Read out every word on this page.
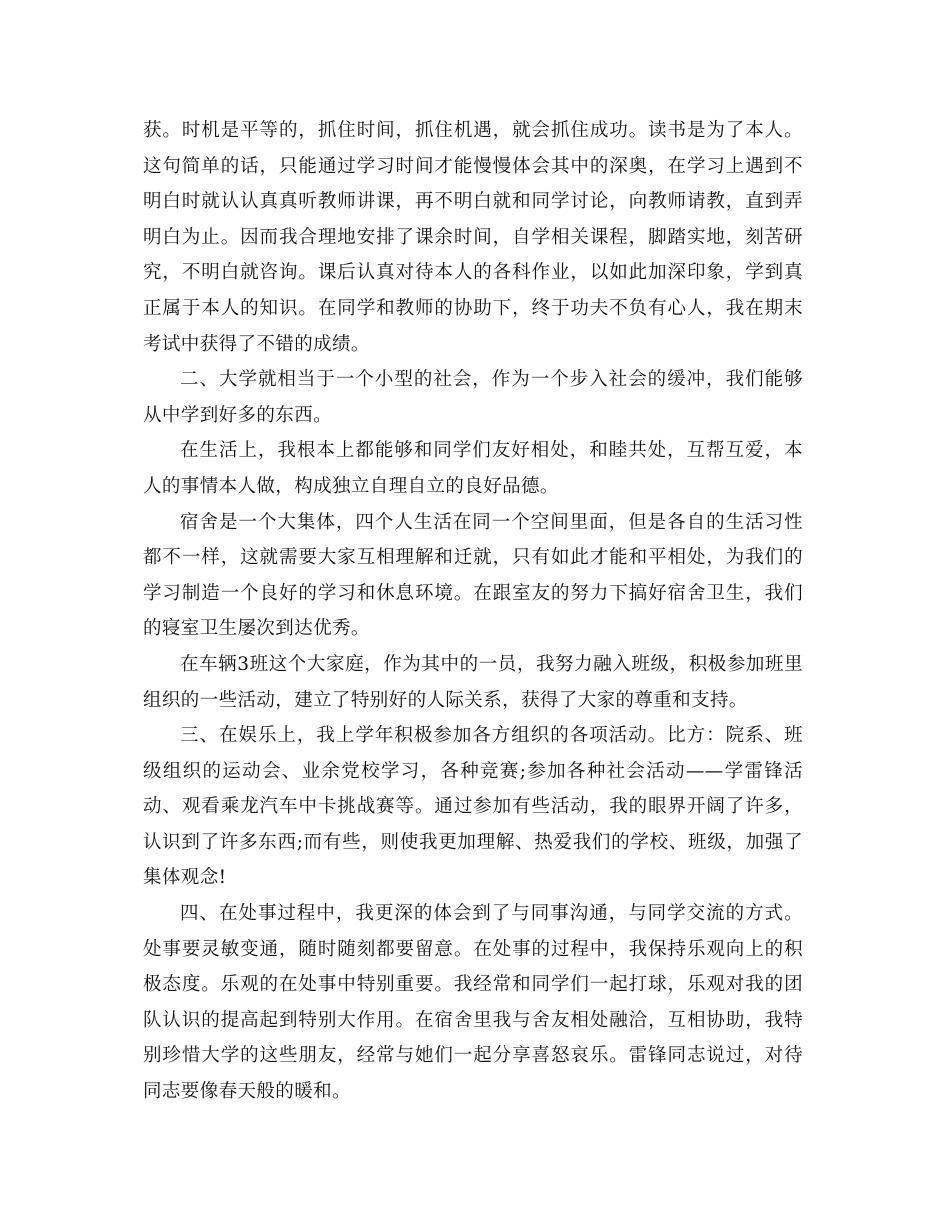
获。时机是平等的，抓住时间，抓住机遇，就会抓住成功。读书是为了本人。这句简单的话，只能通过学习时间才能慢慢体会其中的深奥，在学习上遇到不明白时就认认真真听教师讲课，再不明白就和同学讨论，向教师请教，直到弄明白为止。因而我合理地安排了课余时间，自学相关课程，脚踏实地，刻苦研究，不明白就咨询。课后认真对待本人的各科作业，以如此加深印象，学到真正属于本人的知识。在同学和教师的协助下，终于功夫不负有心人，我在期末考试中获得了不错的成绩。

二、大学就相当于一个小型的社会，作为一个步入社会的缓冲，我们能够从中学到好多的东西。

在生活上，我根本上都能够和同学们友好相处，和睦共处，互帮互爱，本人的事情本人做，构成独立自理自立的良好品德。

宿舍是一个大集体，四个人生活在同一个空间里面，但是各自的生活习性都不一样，这就需要大家互相理解和迁就，只有如此才能和平相处，为我们的学习制造一个良好的学习和休息环境。在跟室友的努力下搞好宿舍卫生，我们的寝室卫生屡次到达优秀。

在车辆3班这个大家庭，作为其中的一员，我努力融入班级，积极参加班里组织的一些活动，建立了特别好的人际关系，获得了大家的尊重和支持。

三、在娱乐上，我上学年积极参加各方组织的各项活动。比方：院系、班级组织的运动会、业余党校学习，各种竞赛;参加各种社会活动——学雷锋活动、观看乘龙汽车中卡挑战赛等。通过参加有些活动，我的眼界开阔了许多，认识到了许多东西;而有些，则使我更加理解、热爱我们的学校、班级，加强了集体观念!

四、在处事过程中，我更深的体会到了与同事沟通，与同学交流的方式。处事要灵敏变通，随时随刻都要留意。在处事的过程中，我保持乐观向上的积极态度。乐观的在处事中特别重要。我经常和同学们一起打球，乐观对我的团队认识的提高起到特别大作用。在宿舍里我与舍友相处融洽，互相协助，我特别珍惜大学的这些朋友，经常与她们一起分享喜怒哀乐。雷锋同志说过，对待同志要像春天般的暖和。
